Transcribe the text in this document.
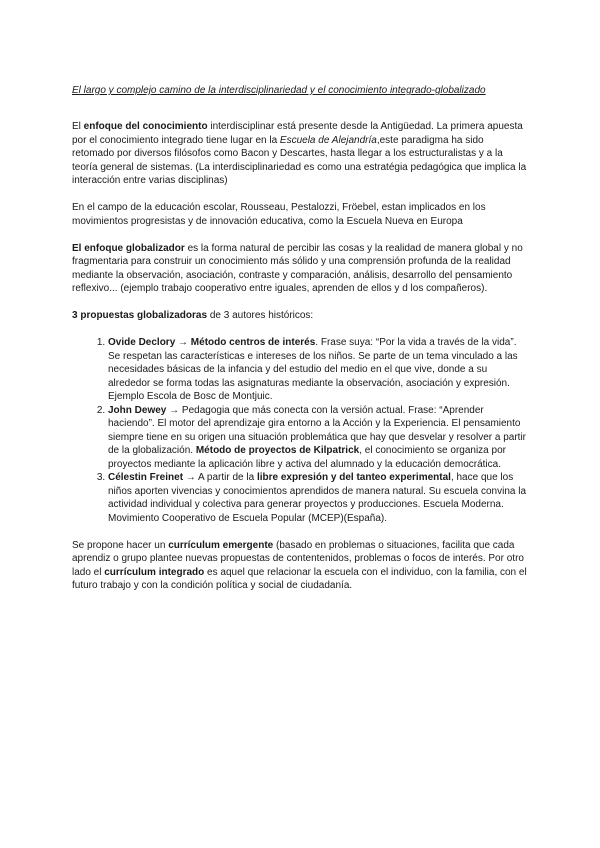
El largo y complejo camino de la interdisciplinariedad y el conocimiento integrado-globalizado

El enfoque del conocimiento interdisciplinar está presente desde la Antigüedad. La primera apuesta por el conocimiento integrado tiene lugar en la Escuela de Alejandría,este paradigma ha sido retomado por diversos filósofos como Bacon y Descartes, hasta llegar a los estructuralistas y a la teoría general de sistemas. (La interdisciplinariedad es como una estratégia pedagógica que implica la interacción entre varias disciplinas)

En el campo de la educación escolar, Rousseau, Pestalozzi, Fröebel, estan implicados en los movimientos progresistas y de innovación educativa, como la Escuela Nueva en Europa

El enfoque globalizador es la forma natural de percibir las cosas y la realidad de manera global y no fragmentaria para construir un conocimiento más sólido y una comprensión profunda de la realidad mediante la observación, asociación, contraste y comparación, análisis, desarrollo del pensamiento reflexivo... (ejemplo trabajo cooperativo entre iguales, aprenden de ellos y d los compañeros).

3 propuestas globalizadoras de 3 autores históricos:

1. Ovide Declory → Método centros de interés. Frase suya: “Por la vida a través de la vida”. Se respetan las características e intereses de los niños. Se parte de un tema vinculado a las necesidades básicas de la infancia y del estudio del medio en el que vive, donde a su alrededor se forma todas las asignaturas mediante la observación, asociación y expresión. Ejemplo Escola de Bosc de Montjuic.
2. John Dewey → Pedagogia que más conecta con la versión actual. Frase: “Aprender haciendo”. El motor del aprendizaje gira entorno a la Acción y la Experiencia. El pensamiento siempre tiene en su origen una situación problemática que hay que desvelar y resolver a partir de la globalización. Método de proyectos de Kilpatrick, el conocimiento se organiza por proyectos mediante la aplicación libre y activa del alumnado y la educación democrática.
3. Célestin Freinet → A partir de la libre expresión y del tanteo experimental, hace que los niños aporten vivencias y conocimientos aprendidos de manera natural. Su escuela convina la actividad individual y colectiva para generar proyectos y producciones. Escuela Moderna. Movimiento Cooperativo de Escuela Popular (MCEP)(España).

Se propone hacer un currículum emergente (basado en problemas o situaciones, facilita que cada aprendiz o grupo plantee nuevas propuestas de contentenidos, problemas o focos de interés. Por otro lado el currículum integrado es aquel que relacionar la escuela con el individuo, con la familia, con el futuro trabajo y con la condición política y social de ciudadanía.
